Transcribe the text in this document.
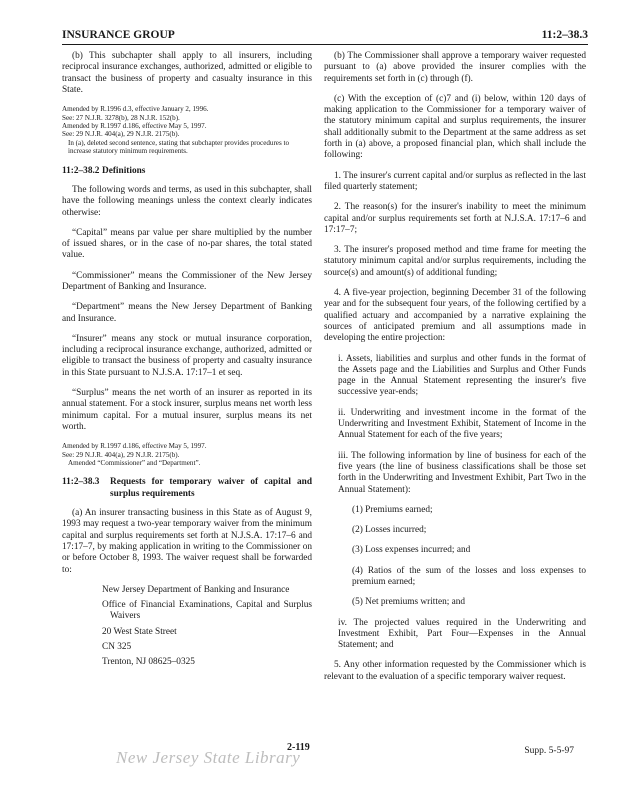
INSURANCE GROUP	11:2–38.3

(b) This subchapter shall apply to all insurers, including reciprocal insurance exchanges, authorized, admitted or eligible to transact the business of property and casualty insurance in this State.

Amended by R.1996 d.3, effective January 2, 1996.
See: 27 N.J.R. 3278(b), 28 N.J.R. 152(b).
Amended by R.1997 d.186, effective May 5, 1997.
See: 29 N.J.R. 404(a), 29 N.J.R. 2175(b).
In (a), deleted second sentence, stating that subchapter provides procedures to increase statutory minimum requirements.
11:2–38.2 Definitions

The following words and terms, as used in this subchapter, shall have the following meanings unless the context clearly indicates otherwise:

“Capital” means par value per share multiplied by the number of issued shares, or in the case of no-par shares, the total stated value.

“Commissioner” means the Commissioner of the New Jersey Department of Banking and Insurance.

“Department” means the New Jersey Department of Banking and Insurance.

“Insurer” means any stock or mutual insurance corporation, including a reciprocal insurance exchange, authorized, admitted or eligible to transact the business of property and casualty insurance in this State pursuant to N.J.S.A. 17:17–1 et seq.

“Surplus” means the net worth of an insurer as reported in its annual statement. For a stock insurer, surplus means net worth less minimum capital. For a mutual insurer, surplus means its net worth.

Amended by R.1997 d.186, effective May 5, 1997.
See: 29 N.J.R. 404(a), 29 N.J.R. 2175(b).
Amended “Commissioner” and “Department”.
11:2–38.3	Requests for temporary waiver of capital and surplus requirements

(a) An insurer transacting business in this State as of August 9, 1993 may request a two-year temporary waiver from the minimum capital and surplus requirements set forth at N.J.S.A. 17:17–6 and 17:17–7, by making application in writing to the Commissioner on or before October 8, 1993. The waiver request shall be forwarded to:

New Jersey Department of Banking and Insurance
Office of Financial Examinations, Capital and Surplus Waivers
20 West State Street
CN 325
Trenton, NJ 08625–0325

(b) The Commissioner shall approve a temporary waiver requested pursuant to (a) above provided the insurer complies with the requirements set forth in (c) through (f).

(c) With the exception of (c)7 and (i) below, within 120 days of making application to the Commissioner for a temporary waiver of the statutory minimum capital and surplus requirements, the insurer shall additionally submit to the Department at the same address as set forth in (a) above, a proposed financial plan, which shall include the following:

1. The insurer's current capital and/or surplus as reflected in the last filed quarterly statement;

2. The reason(s) for the insurer's inability to meet the minimum capital and/or surplus requirements set forth at N.J.S.A. 17:17–6 and 17:17–7;

3. The insurer's proposed method and time frame for meeting the statutory minimum capital and/or surplus requirements, including the source(s) and amount(s) of additional funding;

4. A five-year projection, beginning December 31 of the following year and for the subsequent four years, of the following certified by a qualified actuary and accompanied by a narrative explaining the sources of anticipated premium and all assumptions made in developing the entire projection:

i. Assets, liabilities and surplus and other funds in the format of the Assets page and the Liabilities and Surplus and Other Funds page in the Annual Statement representing the insurer's five successive year-ends;

ii. Underwriting and investment income in the format of the Underwriting and Investment Exhibit, Statement of Income in the Annual Statement for each of the five years;

iii. The following information by line of business for each of the five years (the line of business classifications shall be those set forth in the Underwriting and Investment Exhibit, Part Two in the Annual Statement):

(1) Premiums earned;

(2) Losses incurred;

(3) Loss expenses incurred; and

(4) Ratios of the sum of the losses and loss expenses to premium earned;

(5) Net premiums written; and

iv. The projected values required in the Underwriting and Investment Exhibit, Part Four—Expenses in the Annual Statement; and

5. Any other information requested by the Commissioner which is relevant to the evaluation of a specific temporary waiver request.

New Jersey State Library
2-119	Supp. 5-5-97
